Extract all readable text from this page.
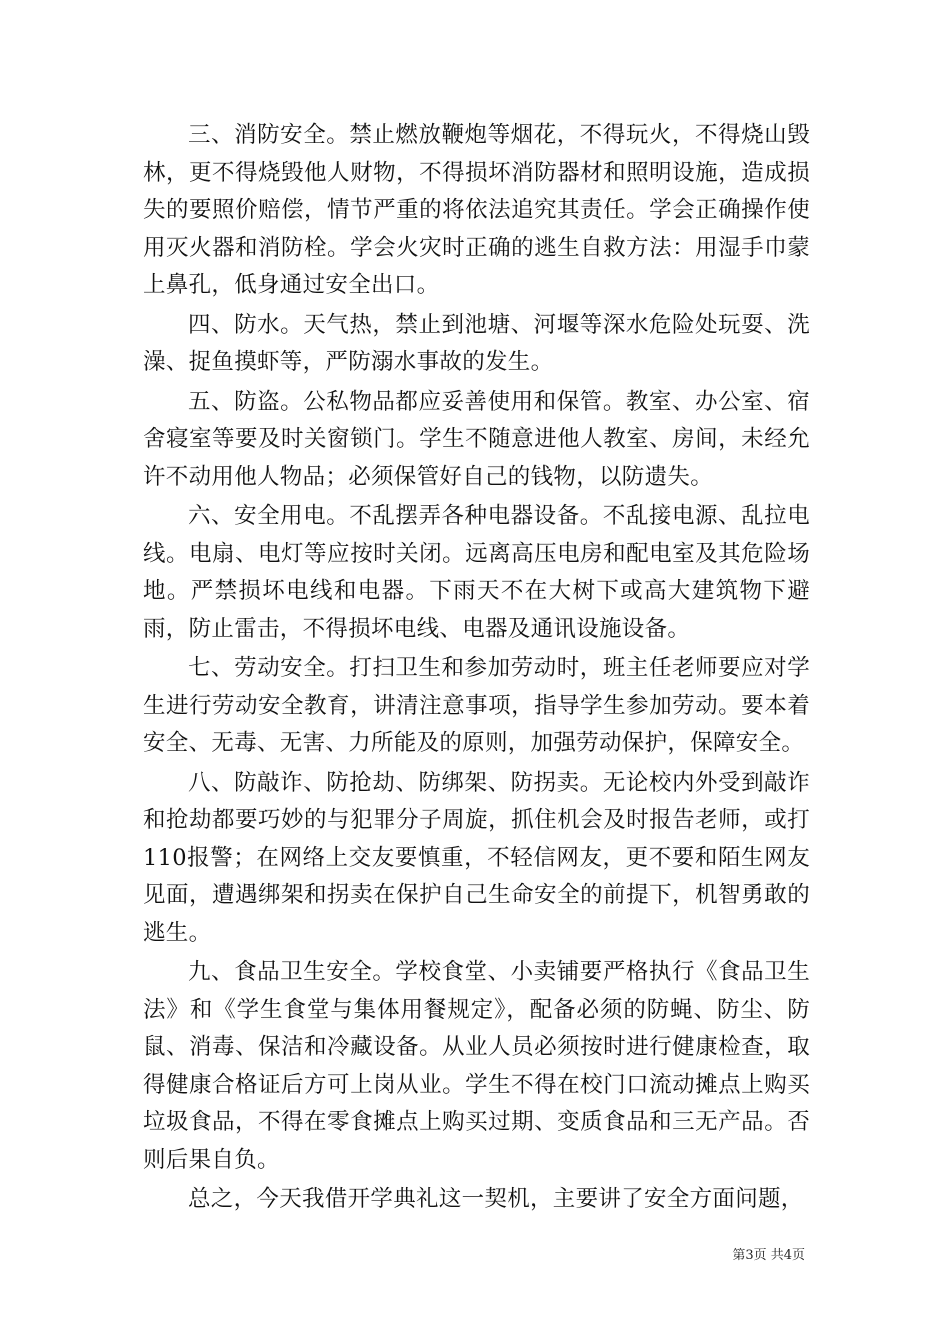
三、消防安全。禁止燃放鞭炮等烟花，不得玩火，不得烧山毁林，更不得烧毁他人财物，不得损坏消防器材和照明设施，造成损失的要照价赔偿，情节严重的将依法追究其责任。学会正确操作使用灭火器和消防栓。学会火灾时正确的逃生自救方法：用湿手巾蒙上鼻孔，低身通过安全出口。

四、防水。天气热，禁止到池塘、河堰等深水危险处玩耍、洗澡、捉鱼摸虾等，严防溺水事故的发生。

五、防盗。公私物品都应妥善使用和保管。教室、办公室、宿舍寝室等要及时关窗锁门。学生不随意进他人教室、房间，未经允许不动用他人物品；必须保管好自己的钱物，以防遗失。

六、安全用电。不乱摆弄各种电器设备。不乱接电源、乱拉电线。电扇、电灯等应按时关闭。远离高压电房和配电室及其危险场地。严禁损坏电线和电器。下雨天不在大树下或高大建筑物下避雨，防止雷击，不得损坏电线、电器及通讯设施设备。

七、劳动安全。打扫卫生和参加劳动时，班主任老师要应对学生进行劳动安全教育，讲清注意事项，指导学生参加劳动。要本着安全、无毒、无害、力所能及的原则，加强劳动保护，保障安全。

八、防敲诈、防抢劫、防绑架、防拐卖。无论校内外受到敲诈和抢劫都要巧妙的与犯罪分子周旋，抓住机会及时报告老师，或打110报警；在网络上交友要慎重，不轻信网友，更不要和陌生网友见面，遭遇绑架和拐卖在保护自己生命安全的前提下，机智勇敢的逃生。

九、食品卫生安全。学校食堂、小卖铺要严格执行《食品卫生法》和《学生食堂与集体用餐规定》，配备必须的防蝇、防尘、防鼠、消毒、保洁和冷藏设备。从业人员必须按时进行健康检查，取得健康合格证后方可上岗从业。学生不得在校门口流动摊点上购买垃圾食品，不得在零食摊点上购买过期、变质食品和三无产品。否则后果自负。

总之，今天我借开学典礼这一契机，主要讲了安全方面问题，

第3页 共4页
